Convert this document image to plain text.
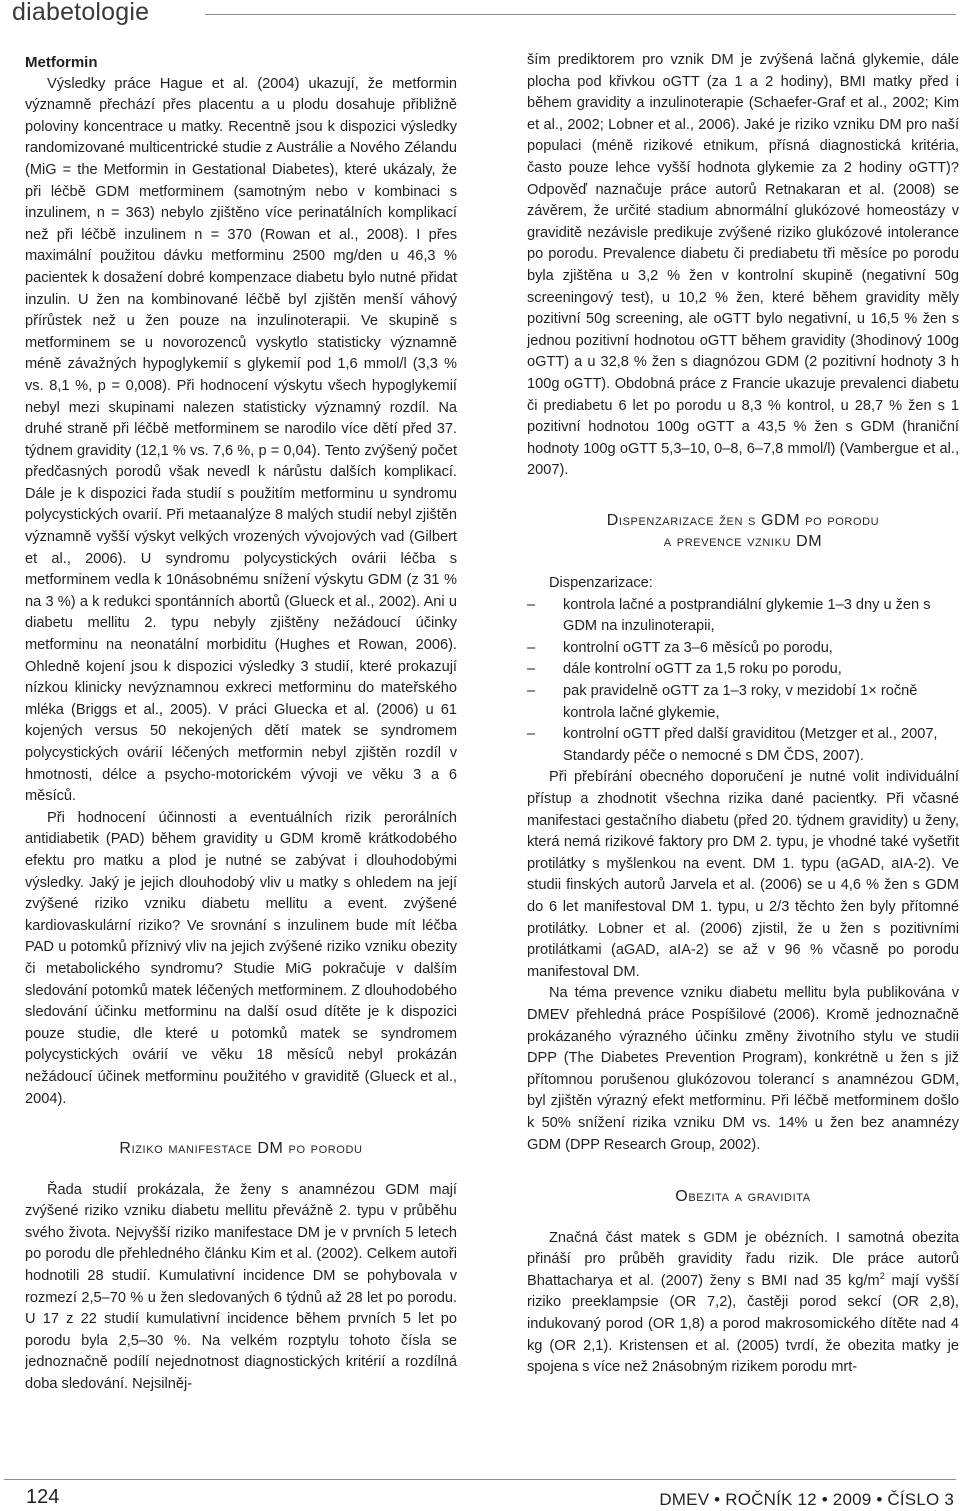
diabetologie
Metformin

Výsledky práce Hague et al. (2004) ukazují, že metformin významně přechází přes placentu a u plodu dosahuje přibližně poloviny koncentrace u matky. Recentně jsou k dispozici výsledky randomizované multicentrické studie z Austrálie a Nového Zélandu (MiG = the Metformin in Gestational Diabetes), které ukázaly, že při léčbě GDM metforminem (samotným nebo v kombinaci s inzulinem, n = 363) nebylo zjištěno více perinatálních komplikací než při léčbě inzulinem n = 370 (Rowan et al., 2008). I přes maximální použitou dávku metforminu 2500 mg/den u 46,3 % pacientek k dosažení dobré kompenzace diabetu bylo nutné přidat inzulin. U žen na kombinované léčbě byl zjištěn menší váhový přírůstek než u žen pouze na inzulinoterapii. Ve skupině s metforminem se u novorozenců vyskytlo statisticky významně méně závažných hypoglykemií s glykemií pod 1,6 mmol/l (3,3 % vs. 8,1 %, p = 0,008). Při hodnocení výskytu všech hypoglykemií nebyl mezi skupinami nalezen statisticky významný rozdíl. Na druhé straně při léčbě metforminem se narodilo více dětí před 37. týdnem gravidity (12,1 % vs. 7,6 %, p = 0,04). Tento zvýšený počet předčasných porodů však nevedl k nárůstu dalších komplikací. Dále je k dispozici řada studií s použitím metforminu u syndromu polycystických ovarií. Při metaanalýze 8 malých studií nebyl zjištěn významně vyšší výskyt velkých vrozených vývojových vad (Gilbert et al., 2006). U syndromu polycystických ovárii léčba s metforminem vedla k 10násobnému snížení výskytu GDM (z 31 % na 3 %) a k redukci spontánních abortů (Glueck et al., 2002). Ani u diabetu mellitu 2. typu nebyly zjištěny nežádoucí účinky metforminu na neonatální morbiditu (Hughes et Rowan, 2006). Ohledně kojení jsou k dispozici výsledky 3 studií, které prokazují nízkou klinicky nevýznamnou exkreci metforminu do mateřského mléka (Briggs et al., 2005). V práci Gluecka et al. (2006) u 61 kojených versus 50 nekojených dětí matek se syndromem polycystických ovárií léčených metformin nebyl zjištěn rozdíl v hmotnosti, délce a psycho-motorickém vývoji ve věku 3 a 6 měsíců.

Při hodnocení účinnosti a eventuálních rizik perorálních antidiabetik (PAD) během gravidity u GDM kromě krátkodobého efektu pro matku a plod je nutné se zabývat i dlouhodobými výsledky. Jaký je jejich dlouhodobý vliv u matky s ohledem na její zvýšené riziko vzniku diabetu mellitu a event. zvýšené kardiovaskulární riziko? Ve srovnání s inzulinem bude mít léčba PAD u potomků příznivý vliv na jejich zvýšené riziko vzniku obezity či metabolického syndromu? Studie MiG pokračuje v dalším sledování potomků matek léčených metforminem. Z dlouhodobého sledování účinku metforminu na další osud dítěte je k dispozici pouze studie, dle které u potomků matek se syndromem polycystických ovárií ve věku 18 měsíců nebyl prokázán nežádoucí účinek metforminu použitého v graviditě (Glueck et al., 2004).

Riziko manifestace DM po porodu

Řada studií prokázala, že ženy s anamnézou GDM mají zvýšené riziko vzniku diabetu mellitu převážně 2. typu v průběhu svého života. Nejvyšší riziko manifestace DM je v prvních 5 letech po porodu dle přehledného článku Kim et al. (2002). Celkem autoři hodnotili 28 studií. Kumulativní incidence DM se pohybovala v rozmezí 2,5–70 % u žen sledovaných 6 týdnů až 28 let po porodu. U 17 z 22 studií kumulativní incidence během prvních 5 let po porodu byla 2,5–30 %. Na velkém rozptylu tohoto čísla se jednoznačně podílí nejednotnost diagnostických kritérií a rozdílná doba sledování. Nejsilněj-

ším prediktorem pro vznik DM je zvýšená lačná glykemie, dále plocha pod křivkou oGTT (za 1 a 2 hodiny), BMI matky před i během gravidity a inzulinoterapie (Schaefer-Graf et al., 2002; Kim et al., 2002; Lobner et al., 2006). Jaké je riziko vzniku DM pro naší populaci (méně rizikové etnikum, přísná diagnostická kritéria, často pouze lehce vyšší hodnota glykemie za 2 hodiny oGTT)? Odpověď naznačuje práce autorů Retnakaran et al. (2008) se závěrem, že určité stadium abnormální glukózové homeostázy v graviditě nezávisle predikuje zvýšené riziko glukózové intolerance po porodu. Prevalence diabetu či prediabetu tři měsíce po porodu byla zjištěna u 3,2 % žen v kontrolní skupině (negativní 50g screeningový test), u 10,2 % žen, které během gravidity měly pozitivní 50g screening, ale oGTT bylo negativní, u 16,5 % žen s jednou pozitivní hodnotou oGTT během gravidity (3hodinový 100g oGTT) a u 32,8 % žen s diagnózou GDM (2 pozitivní hodnoty 3 h 100g oGTT). Obdobná práce z Francie ukazuje prevalenci diabetu či prediabetu 6 let po porodu u 8,3 % kontrol, u 28,7 % žen s 1 pozitivní hodnotou 100g oGTT a 43,5 % žen s GDM (hraniční hodnoty 100g oGTT 5,3–10, 0–8, 6–7,8 mmol/l) (Vambergue et al., 2007).

Dispenzarizace žen s GDM po porodu
a prevence vzniku DM

Dispenzarizace:

– kontrola lačné a postprandiální glykemie 1–3 dny u žen s GDM na inzulinoterapii,
– kontrolní oGTT za 3–6 měsíců po porodu,
– dále kontrolní oGTT za 1,5 roku po porodu,
– pak pravidelně oGTT za 1–3 roky, v mezidobí 1× ročně kontrola lačné glykemie,
– kontrolní oGTT před další graviditou (Metzger et al., 2007, Standardy péče o nemocné s DM ČDS, 2007).

Při přebírání obecného doporučení je nutné volit individuální přístup a zhodnotit všechna rizika dané pacientky. Při včasné manifestaci gestačního diabetu (před 20. týdnem gravidity) u ženy, která nemá rizikové faktory pro DM 2. typu, je vhodné také vyšetřit protilátky s myšlenkou na event. DM 1. typu (aGAD, aIA-2). Ve studii finských autorů Jarvela et al. (2006) se u 4,6 % žen s GDM do 6 let manifestoval DM 1. typu, u 2/3 těchto žen byly přítomné protilátky. Lobner et al. (2006) zjistil, že u žen s pozitivními protilátkami (aGAD, aIA-2) se až v 96 % včasně po porodu manifestoval DM.

Na téma prevence vzniku diabetu mellitu byla publikována v DMEV přehledná práce Pospíšilové (2006). Kromě jednoznačně prokázaného výrazného účinku změny životního stylu ve studii DPP (The Diabetes Prevention Program), konkrétně u žen s již přítomnou porušenou glukózovou tolerancí s anamnézou GDM, byl zjištěn výrazný efekt metforminu. Při léčbě metforminem došlo k 50% snížení rizika vzniku DM vs. 14% u žen bez anamnézy GDM (DPP Research Group, 2002).

Obezita a gravidita

Značná část matek s GDM je obézních. I samotná obezita přináší pro průběh gravidity řadu rizik. Dle práce autorů Bhattacharya et al. (2007) ženy s BMI nad 35 $kg/m^2$ mají vyšší riziko preeklampsie (OR 7,2), častěji porod sekcí (OR 2,8), indukovaný porod (OR 1,8) a porod makrosomického dítěte nad 4 kg (OR 2,1). Kristensen et al. (2005) tvrdí, že obezita matky je spojena s více než 2násobným rizikem porodu mrt-

124	DMEV • ROČNÍK 12 • 2009 • ČÍSLO 3
